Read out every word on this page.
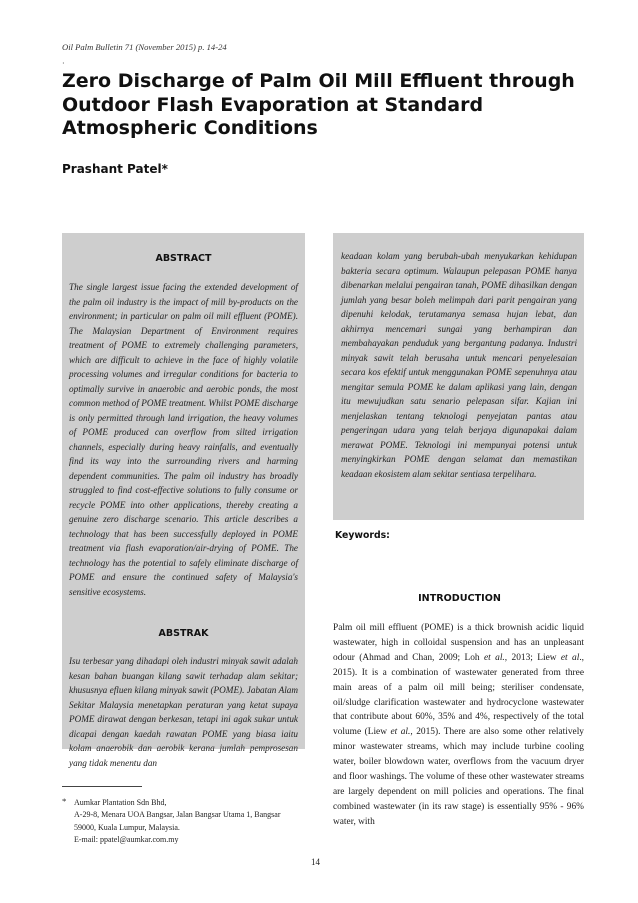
Oil Palm Bulletin 71 (November 2015) p. 14-24
·
Zero Discharge of Palm Oil Mill Effluent through Outdoor Flash Evaporation at Standard Atmospheric Conditions
Prashant Patel*
ABSTRACT

The single largest issue facing the extended development of the palm oil industry is the impact of mill by-products on the environment; in particular on palm oil mill effluent (POME). The Malaysian Department of Environment requires treatment of POME to extremely challenging parameters, which are difficult to achieve in the face of highly volatile processing volumes and irregular conditions for bacteria to optimally survive in anaerobic and aerobic ponds, the most common method of POME treatment. Whilst POME discharge is only permitted through land irrigation, the heavy volumes of POME produced can overflow from silted irrigation channels, especially during heavy rainfalls, and eventually find its way into the surrounding rivers and harming dependent communities. The palm oil industry has broadly struggled to find cost-effective solutions to fully consume or recycle POME into other applications, thereby creating a genuine zero discharge scenario. This article describes a technology that has been successfully deployed in POME treatment via flash evaporation/air-drying of POME. The technology has the potential to safely eliminate discharge of POME and ensure the continued safety of Malaysia's sensitive ecosystems.

ABSTRAK

Isu terbesar yang dihadapi oleh industri minyak sawit adalah kesan bahan buangan kilang sawit terhadap alam sekitar; khususnya efluen kilang minyak sawit (POME). Jabatan Alam Sekitar Malaysia menetapkan peraturan yang ketat supaya POME dirawat dengan berkesan, tetapi ini agak sukar untuk dicapai dengan kaedah rawatan POME yang biasa iaitu kolam anaerobik dan aerobik kerana jumlah pemprosesan yang tidak menentu dan

keadaan kolam yang berubah-ubah menyukarkan kehidupan bakteria secara optimum. Walaupun pelepasan POME hanya dibenarkan melalui pengairan tanah, POME dihasilkan dengan jumlah yang besar boleh melimpah dari parit pengairan yang dipenuhi kelodak, terutamanya semasa hujan lebat, dan akhirnya mencemari sungai yang berhampiran dan membahayakan penduduk yang bergantung padanya. Industri minyak sawit telah berusaha untuk mencari penyelesaian secara kos efektif untuk menggunakan POME sepenuhnya atau mengitar semula POME ke dalam aplikasi yang lain, dengan itu mewujudkan satu senario pelepasan sifar. Kajian ini menjelaskan tentang teknologi penyejatan pantas atau pengeringan udara yang telah berjaya digunapakai dalam merawat POME. Teknologi ini mempunyai potensi untuk menyingkirkan POME dengan selamat dan memastikan keadaan ekosistem alam sekitar sentiasa terpelihara.

Keywords:
INTRODUCTION

Palm oil mill effluent (POME) is a thick brownish acidic liquid wastewater, high in colloidal suspension and has an unpleasant odour (Ahmad and Chan, 2009; Loh et al., 2013; Liew et al., 2015). It is a combination of wastewater generated from three main areas of a palm oil mill being; steriliser condensate, oil/sludge clarification wastewater and hydrocyclone wastewater that contribute about 60%, 35% and 4%, respectively of the total volume (Liew et al., 2015). There are also some other relatively minor wastewater streams, which may include turbine cooling water, boiler blowdown water, overflows from the vacuum dryer and floor washings. The volume of these other wastewater streams are largely dependent on mill policies and operations. The final combined wastewater (in its raw stage) is essentially 95% - 96% water, with

* Aumkar Plantation Sdn Bhd,
A-29-8, Menara UOA Bangsar, Jalan Bangsar Utama 1, Bangsar
59000, Kuala Lumpur, Malaysia.
E-mail: ppatel@aumkar.com.my
14
